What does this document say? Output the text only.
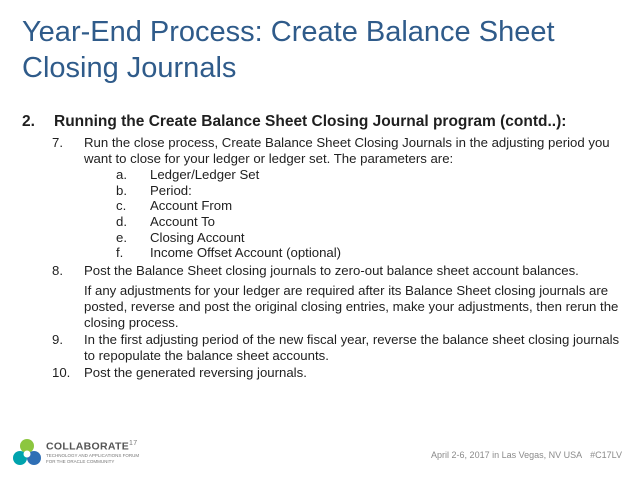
Year-End Process: Create Balance Sheet
Closing Journals
2. Running the Create Balance Sheet Closing Journal program (contd..):
7. Run the close process, Create Balance Sheet Closing Journals in the adjusting period you want to close for your ledger or ledger set. The parameters are:
a. Ledger/Ledger Set
b. Period:
c. Account From
d. Account To
e. Closing Account
f. Income Offset Account (optional)
8. Post the Balance Sheet closing journals to zero-out balance sheet account balances.
If any adjustments for your ledger are required after its Balance Sheet closing journals are posted, reverse and post the original closing entries, make your adjustments, then rerun the closing process.
9. In the first adjusting period of the new fiscal year, reverse the balance sheet closing journals to repopulate the balance sheet accounts.
10. Post the generated reversing journals.
COLLABORATE$^{17}$
TECHNOLOGY AND APPLICATIONS FORUM
FOR THE ORACLE COMMUNITY
April 2-6, 2017 in Las Vegas, NV USA #C17LV
